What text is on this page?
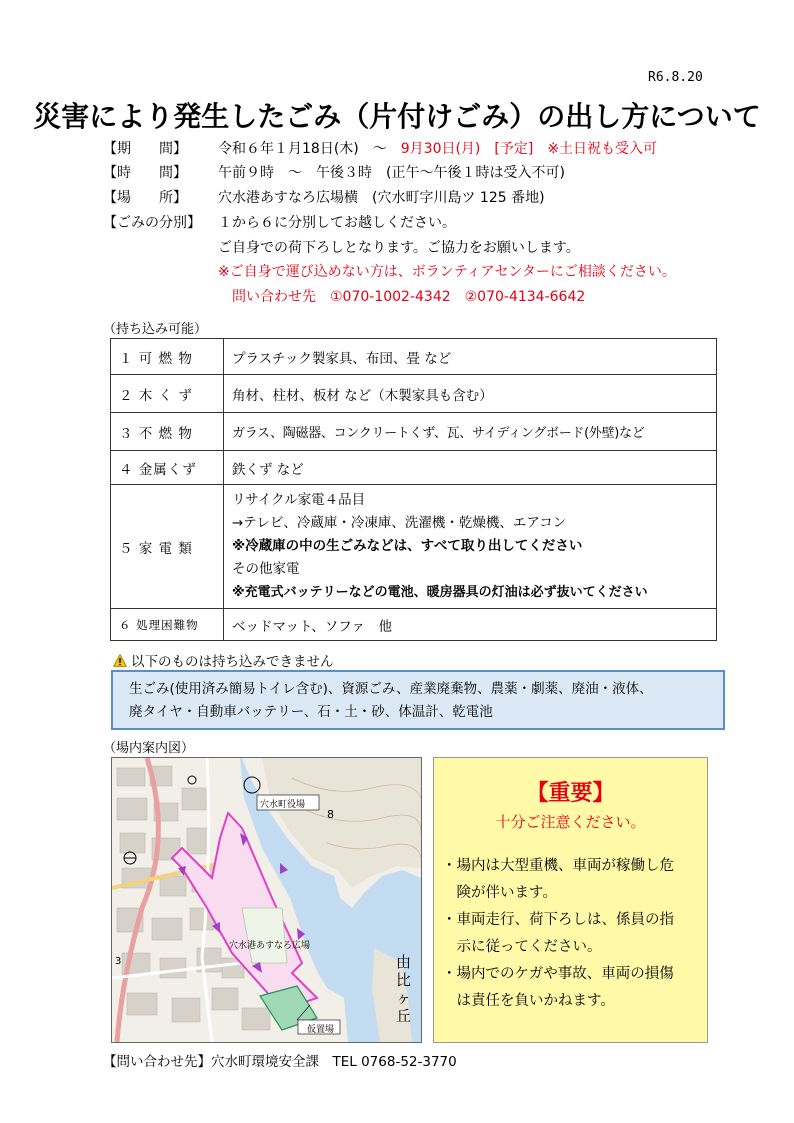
R6.8.20
災害により発生したごみ（片付けごみ）の出し方について
【期　　間】 令和６年１月18日(木)　～　9月30日(月)　[予定]　※土日祝も受入可
【時　　間】 午前９時　～　午後３時　(正午～午後１時は受入不可)
【場　　所】 穴水港あすなろ広場横　(穴水町字川島ツ 125 番地)
【ごみの分別】 １から６に分別してお越しください。
ご自身での荷下ろしとなります。ご協力をお願いします。
※ご自身で運び込めない方は、ボランティアセンターにご相談ください。
問い合わせ先　①070-1002-4342　②070-4134-6642
（持ち込み可能）
１ 可 燃 物	プラスチック製家具、布団、畳 など
２ 木 く ず	角材、柱材、板材 など（木製家具も含む）
３ 不 燃 物	ガラス、陶磁器、コンクリートくず、瓦、サイディングボード(外壁)など
４ 金属くず	鉄くず など
５ 家 電 類	リサイクル家電４品目
→テレビ、冷蔵庫・冷凍庫、洗濯機・乾燥機、エアコン
※冷蔵庫の中の生ごみなどは、すべて取り出してください
その他家電
※充電式バッテリーなどの電池、暖房器具の灯油は必ず抜いてください

６ 処理困難物	ベッドマット、ソファ　他
以下のものは持ち込みできません
生ごみ(使用済み簡易トイレ含む)、資源ごみ、産業廃棄物、農薬・劇薬、廃油・液体、
廃タイヤ・自動車バッテリー、石・土・砂、体温計、乾電池
（場内案内図）
穴水町役場
穴水港あすなろ広場
仮置場
由比ヶ丘
3
8
【重要】
十分ご注意ください。
・場内は大型重機、車両が稼働し危
　険が伴います。
・車両走行、荷下ろしは、係員の指
　示に従ってください。
・場内でのケガや事故、車両の損傷
　は責任を負いかねます。
【問い合わせ先】穴水町環境安全課　TEL 0768-52-3770
